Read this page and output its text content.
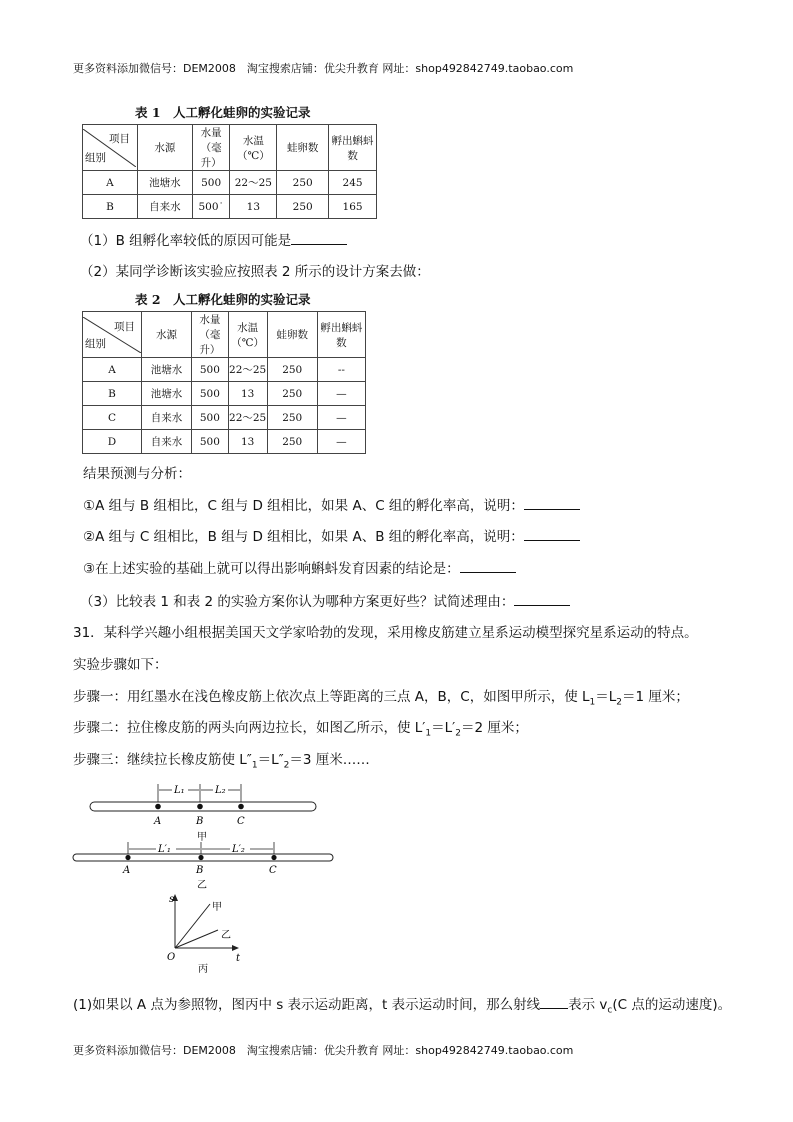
更多资料添加微信号：DEM2008　淘宝搜索店铺：优尖升教育 网址：shop492842749.taobao.com
表 1　人工孵化蛙卵的实验记录
项目
组别	水源	水量（毫升）	水温（℃）	蛙卵数	孵出蝌蚪数
A	池塘水	500	22～25	250	245
B	自来水	500˙	13	250	165
（1）B 组孵化率较低的原因可能是
（2）某同学诊断该实验应按照表 2 所示的设计方案去做：
表 2　人工孵化蛙卵的实验记录
项目
组别	水源	水量（毫升）	水温（℃）	蛙卵数	孵出蝌蚪数
A	池塘水	500	22～25	250	--
B	池塘水	500	13	250	—
C	自来水	500	22～25	250	—
D	自来水	500	13	250	—
结果预测与分析：
①A 组与 B 组相比，C 组与 D 组相比，如果 A、C 组的孵化率高，说明：
②A 组与 C 组相比，B 组与 D 组相比，如果 A、B 组的孵化率高，说明：
③在上述实验的基础上就可以得出影响蝌蚪发育因素的结论是：
（3）比较表 1 和表 2 的实验方案你认为哪种方案更好些？试简述理由：
31．某科学兴趣小组根据美国天文学家哈勃的发现，采用橡皮筋建立星系运动模型探究星系运动的特点。
实验步骤如下：
步骤一：用红墨水在浅色橡皮筋上依次点上等距离的三点 A，B，C，如图甲所示，使 $L_1=L_2=1$ 厘米；
步骤二：拉住橡皮筋的两头向两边拉长，如图乙所示，使 $L'_1=L'_2=2$ 厘米；
步骤三：继续拉长橡皮筋使 $L''_1=L''_2=3$ 厘米……
L₁	L₂
A	B	C
甲
L′₁	L′₂
A	B	C
乙
s
t
O
甲
乙
丙
(1)如果以 A 点为参照物，图丙中 s 表示运动距离，t 表示运动时间，那么射线 表示 $v_c(C$ 点的运动速度)。
更多资料添加微信号：DEM2008　淘宝搜索店铺：优尖升教育 网址：shop492842749.taobao.com
